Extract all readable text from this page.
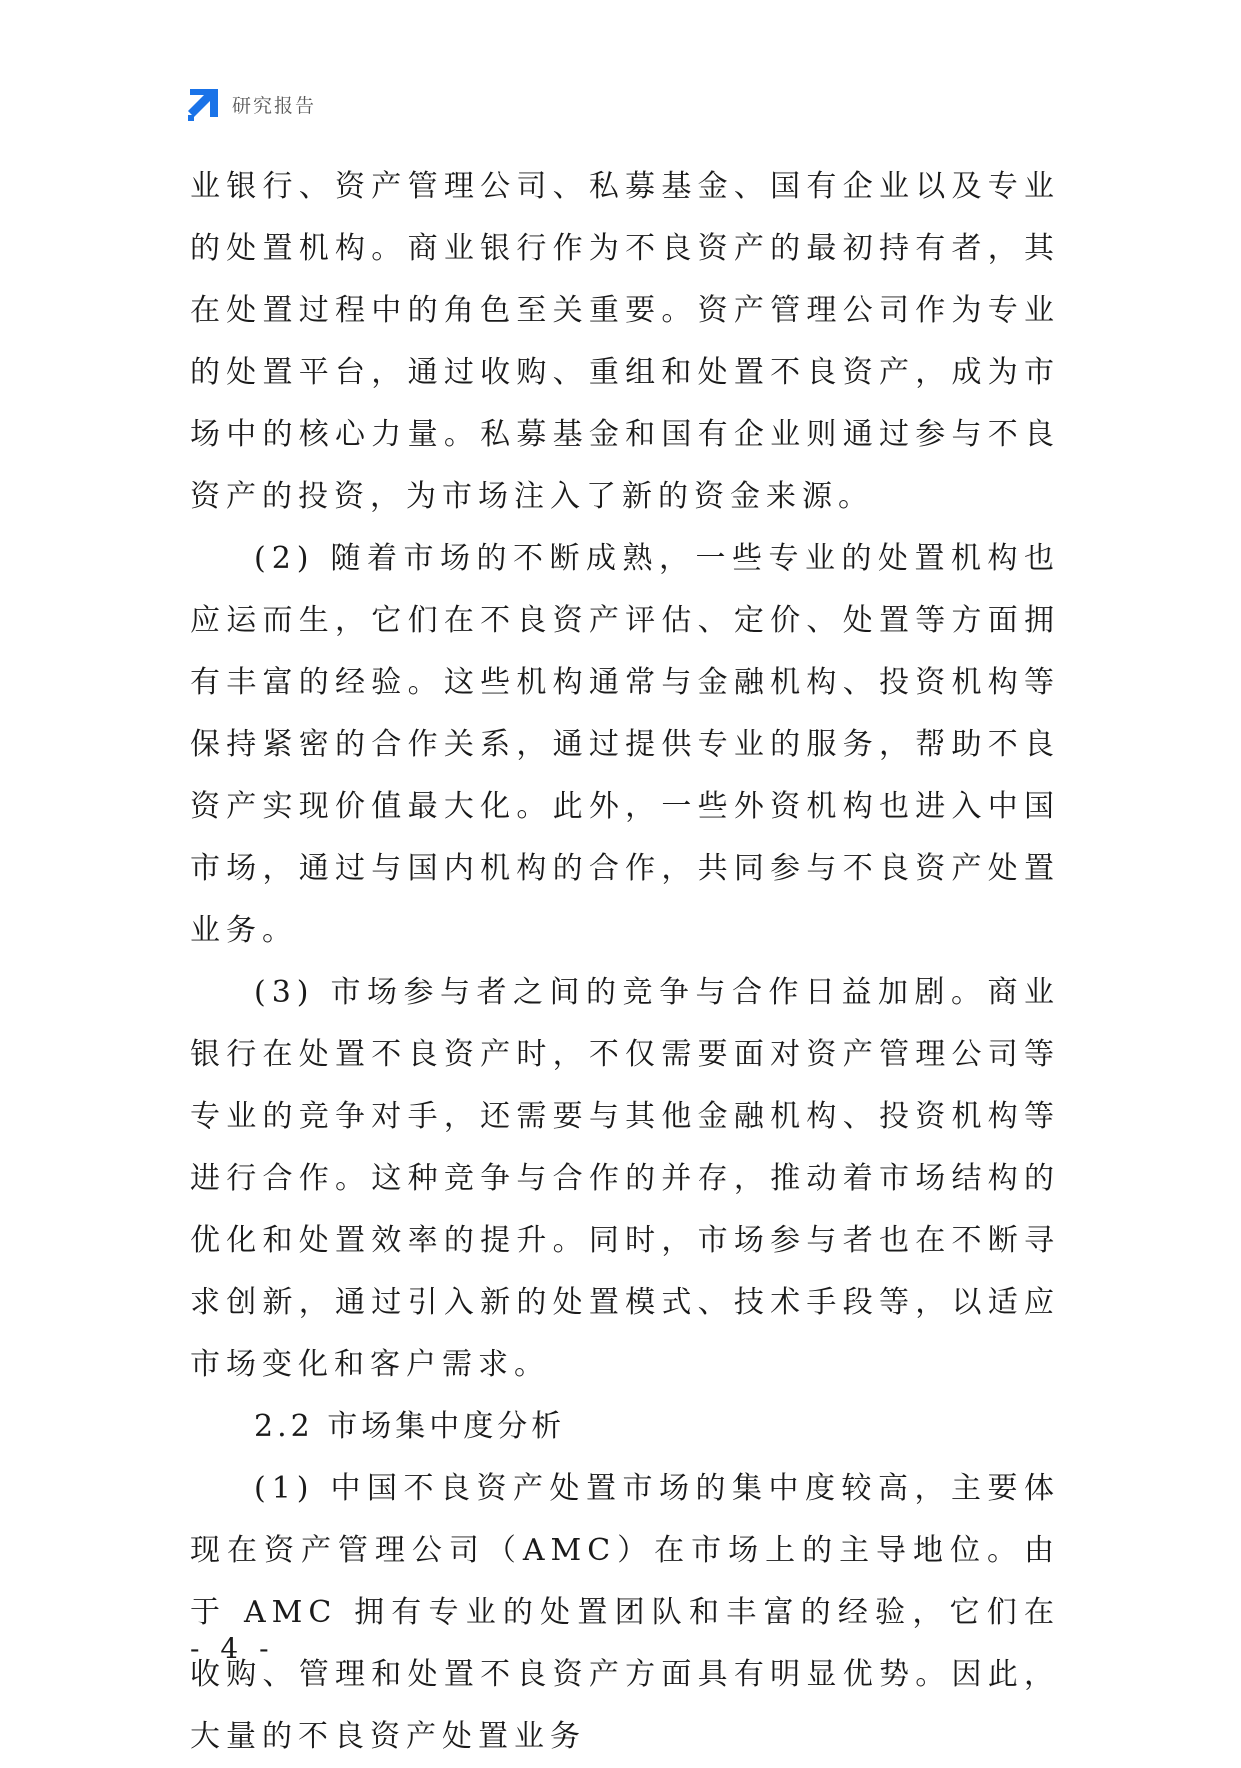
研究报告

业银行、资产管理公司、私募基金、国有企业以及专业的处置机构。商业银行作为不良资产的最初持有者，其在处置过程中的角色至关重要。资产管理公司作为专业的处置平台，通过收购、重组和处置不良资产，成为市场中的核心力量。私募基金和国有企业则通过参与不良资产的投资，为市场注入了新的资金来源。

(2) 随着市场的不断成熟，一些专业的处置机构也应运而生，它们在不良资产评估、定价、处置等方面拥有丰富的经验。这些机构通常与金融机构、投资机构等保持紧密的合作关系，通过提供专业的服务，帮助不良资产实现价值最大化。此外，一些外资机构也进入中国市场，通过与国内机构的合作，共同参与不良资产处置业务。

(3) 市场参与者之间的竞争与合作日益加剧。商业银行在处置不良资产时，不仅需要面对资产管理公司等专业的竞争对手，还需要与其他金融机构、投资机构等进行合作。这种竞争与合作的并存，推动着市场结构的优化和处置效率的提升。同时，市场参与者也在不断寻求创新，通过引入新的处置模式、技术手段等，以适应市场变化和客户需求。

2.2 市场集中度分析

(1) 中国不良资产处置市场的集中度较高，主要体现在资产管理公司（AMC）在市场上的主导地位。由于 AMC 拥有专业的处置团队和丰富的经验，它们在收购、管理和处置不良资产方面具有明显优势。因此，大量的不良资产处置业务

- 4 -
